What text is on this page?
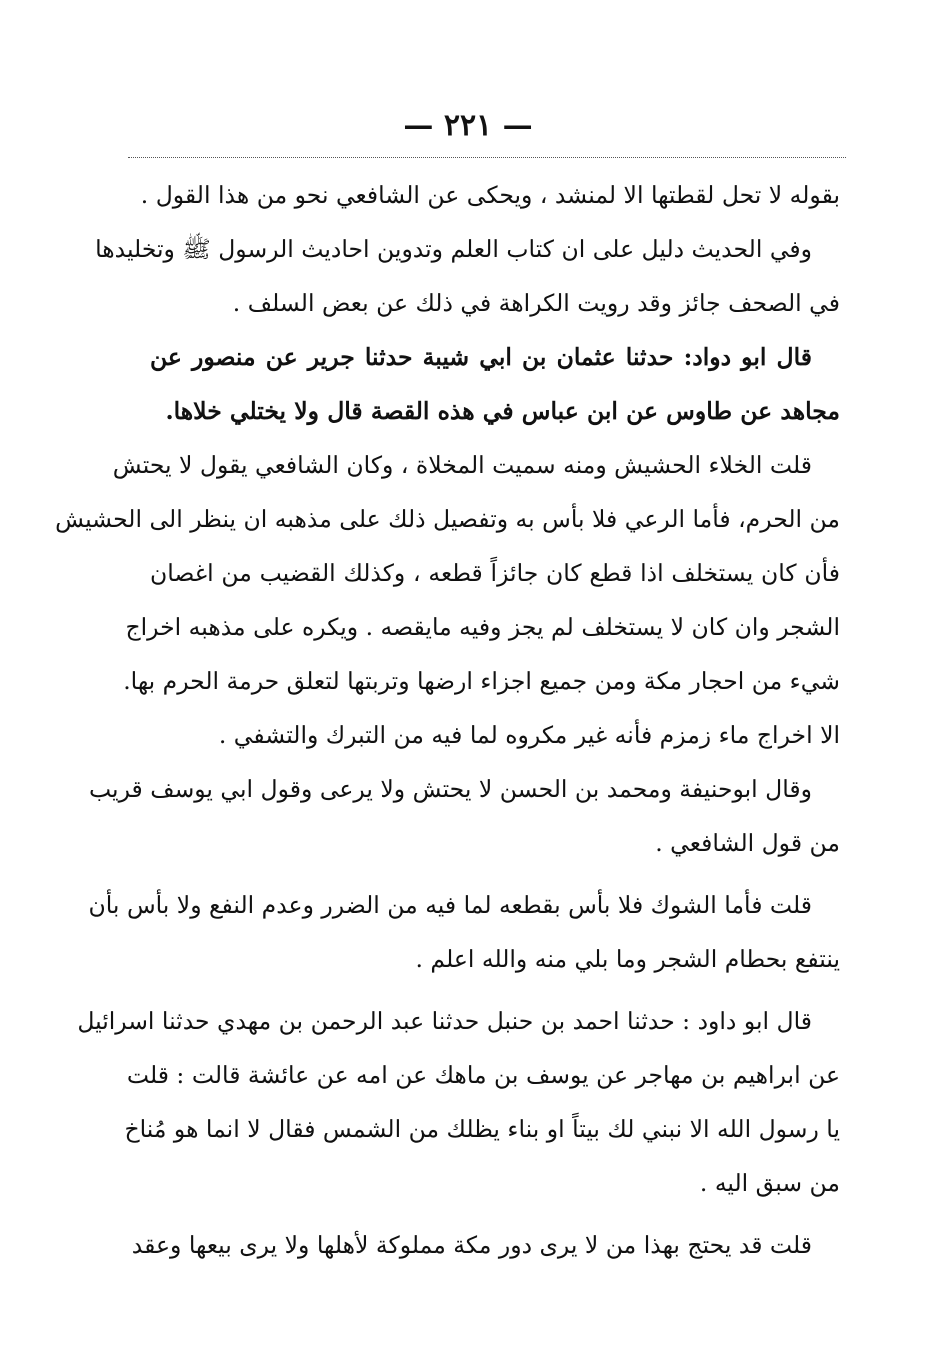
— ٢٢١ —
بقوله لا تحل لقطتها الا لمنشد ، ويحكى عن الشافعي نحو من هذا القول .
وفي الحديث دليل على ان كتاب العلم وتدوين احاديث الرسول ﷺ وتخليدها
في الصحف جائز وقد رويت الكراهة في ذلك عن بعض السلف .
قال ابو دواد: حدثنا عثمان بن ابي شيبة حدثنا جرير عن منصور عن
مجاهد عن طاوس عن ابن عباس في هذه القصة قال ولا يختلي خلاها.
قلت الخلاء الحشيش ومنه سميت المخلاة ، وكان الشافعي يقول لا يحتش
من الحرم، فأما الرعي فلا بأس به وتفصيل ذلك على مذهبه ان ينظر الى الحشيش
فأن كان يستخلف اذا قطع كان جائزاً قطعه ، وكذلك القضيب من اغصان
الشجر وان كان لا يستخلف لم يجز وفيه مايقصه . ويكره على مذهبه اخراج
شيء من احجار مكة ومن جميع اجزاء ارضها وتربتها لتعلق حرمة الحرم بها.
الا اخراج ماء زمزم فأنه غير مكروه لما فيه من التبرك والتشفي .
وقال ابوحنيفة ومحمد بن الحسن لا يحتش ولا يرعى وقول ابي يوسف قريب
من قول الشافعي .
قلت فأما الشوك فلا بأس بقطعه لما فيه من الضرر وعدم النفع ولا بأس بأن
ينتفع بحطام الشجر وما بلي منه والله اعلم .
قال ابو داود : حدثنا احمد بن حنبل حدثنا عبد الرحمن بن مهدي حدثنا اسرائيل
عن ابراهيم بن مهاجر عن يوسف بن ماهك عن امه عن عائشة قالت : قلت
يا رسول الله الا نبني لك بيتاً او بناء يظلك من الشمس فقال لا انما هو مُناخ
من سبق اليه .
قلت قد يحتج بهذا من لا يرى دور مكة مملوكة لأهلها ولا يرى بيعها وعقد
